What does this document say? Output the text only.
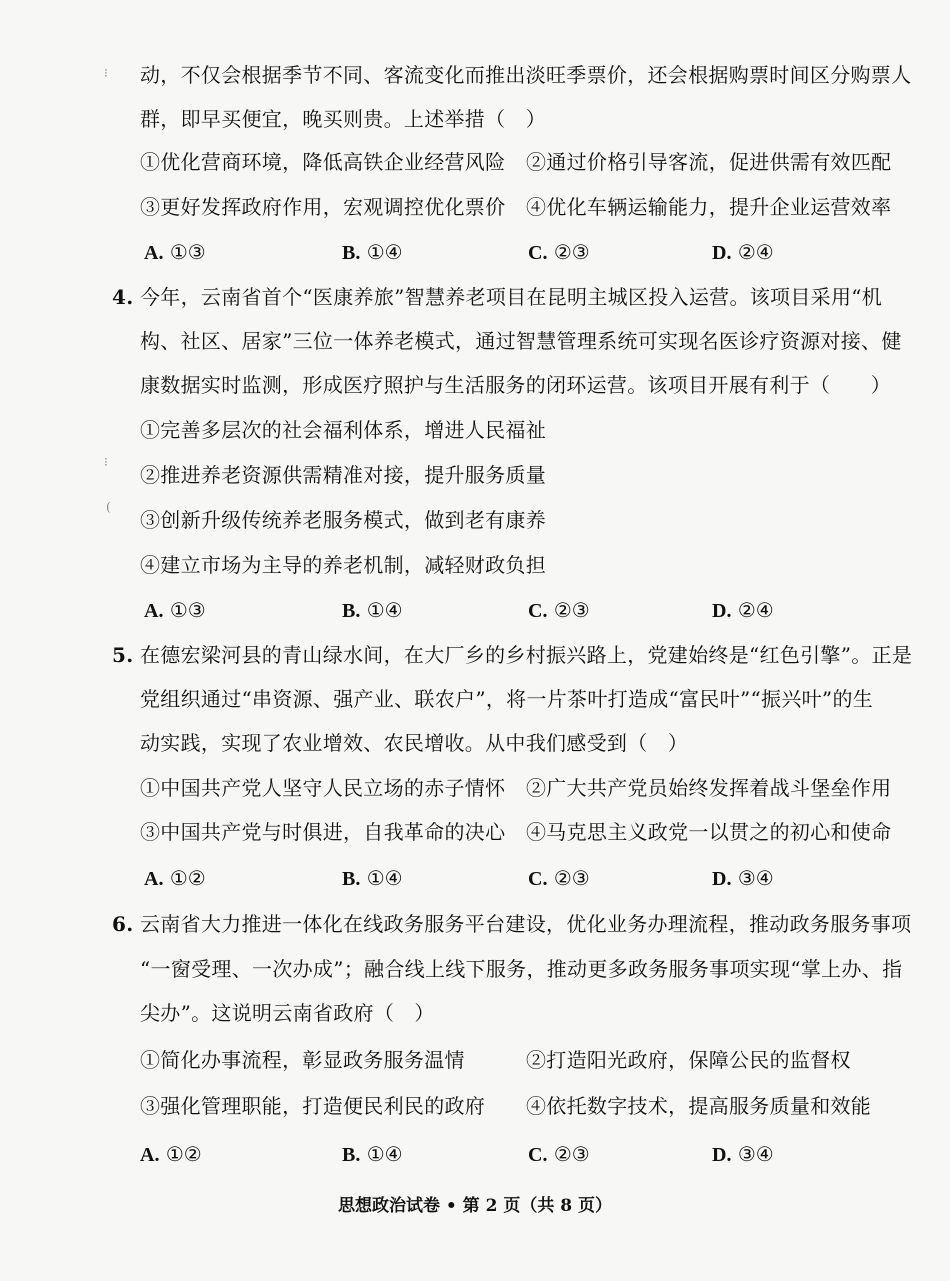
⁝
⁝
(
动，不仅会根据季节不同、客流变化而推出淡旺季票价，还会根据购票时间区分购票人
群，即早买便宜，晚买则贵。上述举措（　）
①优化营商环境，降低高铁企业经营风险 ②通过价格引导客流，促进供需有效匹配
③更好发挥政府作用，宏观调控优化票价 ④优化车辆运输能力，提升企业运营效率
A. ①③	B. ①④	C. ②③	D. ②④
4. 今年，云南省首个“医康养旅”智慧养老项目在昆明主城区投入运营。该项目采用“机
构、社区、居家”三位一体养老模式，通过智慧管理系统可实现名医诊疗资源对接、健
康数据实时监测，形成医疗照护与生活服务的闭环运营。该项目开展有利于（　　）
①完善多层次的社会福利体系，增进人民福祉
②推进养老资源供需精准对接，提升服务质量
③创新升级传统养老服务模式，做到老有康养
④建立市场为主导的养老机制，减轻财政负担
A. ①③	B. ①④	C. ②③	D. ②④
5. 在德宏梁河县的青山绿水间，在大厂乡的乡村振兴路上，党建始终是“红色引擎”。正是
党组织通过“串资源、强产业、联农户”，将一片茶叶打造成“富民叶”“振兴叶”的生
动实践，实现了农业增效、农民增收。从中我们感受到（　）
①中国共产党人坚守人民立场的赤子情怀 ②广大共产党员始终发挥着战斗堡垒作用
③中国共产党与时俱进，自我革命的决心 ④马克思主义政党一以贯之的初心和使命
A. ①②	B. ①④	C. ②③	D. ③④
6. 云南省大力推进一体化在线政务服务平台建设，优化业务办理流程，推动政务服务事项
“一窗受理、一次办成”；融合线上线下服务，推动更多政务服务事项实现“掌上办、指
尖办”。这说明云南省政府（　）
①简化办事流程，彰显政务服务温情	②打造阳光政府，保障公民的监督权
③强化管理职能，打造便民利民的政府 ④依托数字技术，提高服务质量和效能
A. ①②	B. ①④	C. ②③	D. ③④
思想政治试卷 • 第 2 页（共 8 页）
